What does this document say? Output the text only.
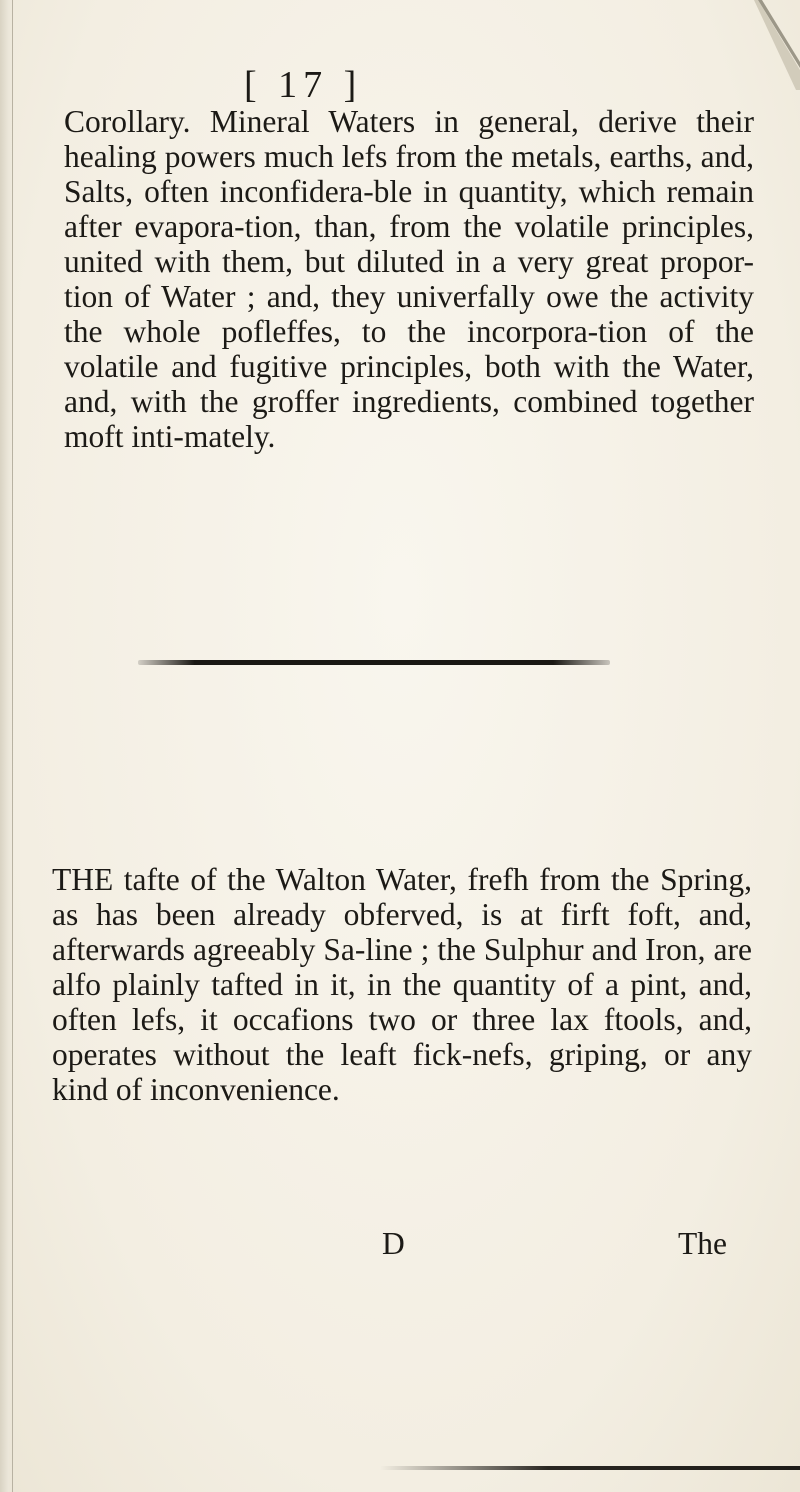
[ 17 ]

Corollary. Mineral Waters in general, derive their healing powers much lefs from the metals, earths, and, Salts, often inconfidera-ble in quantity, which remain after evapora-tion, than, from the volatile principles, united with them, but diluted in a very great propor-tion of Water ; and, they univerfally owe the activity the whole pofleffes, to the incorpora-tion of the volatile and fugitive principles, both with the Water, and, with the groffer ingredients, combined together moft inti-mately.

THE tafte of the Walton Water, frefh from the Spring, as has been already obferved, is at firft foft, and, afterwards agreeably Sa-line ; the Sulphur and Iron, are alfo plainly tafted in it, in the quantity of a pint, and, often lefs, it occafions two or three lax ftools, and, operates without the leaft fick-nefs, griping, or any kind of inconvenience.

D	The
